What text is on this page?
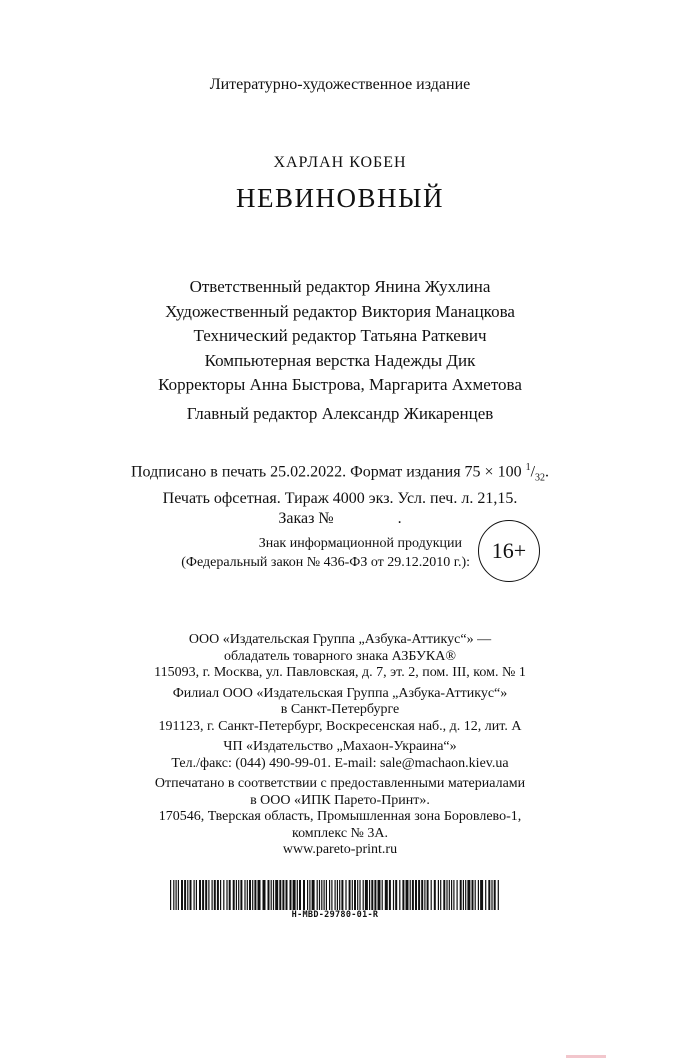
Литературно-художественное издание
ХАРЛАН КОБЕН
НЕВИНОВНЫЙ
Ответственный редактор Янина Жухлина
Художественный редактор Виктория Манацкова
Технический редактор Татьяна Раткевич
Компьютерная верстка Надежды Дик
Корректоры Анна Быстрова, Маргарита Ахметова
Главный редактор Александр Жикаренцев
Подписано в печать 25.02.2022. Формат издания 75 × 100 $^1/_{32}$.
Печать офсетная. Тираж 4000 экз. Усл. печ. л. 21,15.
Заказ №	.
Знак информационной продукции
(Федеральный закон № 436-ФЗ от 29.12.2010 г.): 16+
ООО «Издательская Группа „Азбука-Аттикус“» —
обладатель товарного знака АЗБУКА®
115093, г. Москва, ул. Павловская, д. 7, эт. 2, пом. III, ком. № 1
Филиал ООО «Издательская Группа „Азбука-Аттикус“»
в Санкт-Петербурге
191123, г. Санкт-Петербург, Воскресенская наб., д. 12, лит. А
ЧП «Издательство „Махаон-Украина“»
Тел./факс: (044) 490-99-01. E-mail: sale@machaon.kiev.ua
Отпечатано в соответствии с предоставленными материалами
в ООО «ИПК Парето-Принт».
170546, Тверская область, Промышленная зона Боровлево-1,
комплекс № 3А.
www.pareto-print.ru
H-MBD-29780-01-R
